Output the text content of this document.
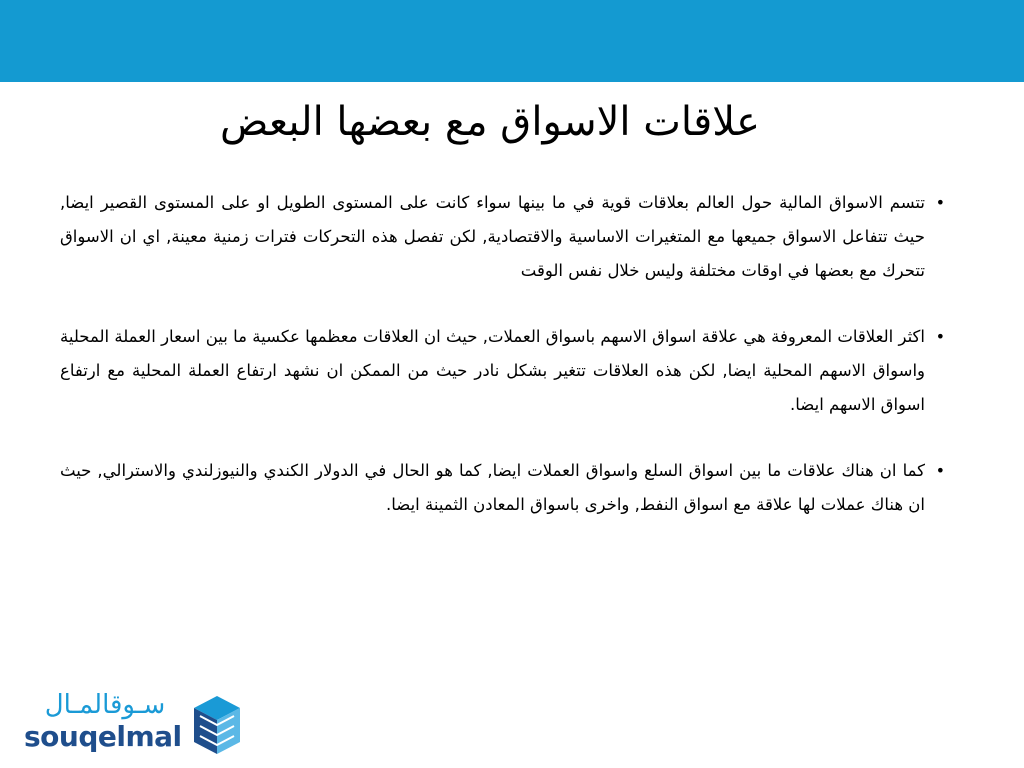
علاقات الاسواق مع بعضها البعض
•
تتسم الاسواق المالية حول العالم بعلاقات قوية في ما بينها سواء كانت على المستوى الطويل او على المستوى القصير ايضا, حيث تتفاعل الاسواق جميعها مع المتغيرات الاساسية والاقتصادية, لكن تفصل هذه التحركات فترات زمنية معينة, اي ان الاسواق تتحرك مع بعضها في اوقات مختلفة وليس خلال نفس الوقت
•
اكثر العلاقات المعروفة هي علاقة اسواق الاسهم باسواق العملات, حيث ان العلاقات معظمها عكسية ما بين اسعار العملة المحلية واسواق الاسهم المحلية ايضا, لكن هذه العلاقات تتغير بشكل نادر حيث من الممكن ان نشهد ارتفاع العملة المحلية مع ارتفاع اسواق الاسهم ايضا.
•
كما ان هناك علاقات ما بين اسواق السلع واسواق العملات ايضا, كما هو الحال في الدولار الكندي والنيوزلندي والاسترالي, حيث ان هناك عملات لها علاقة مع اسواق النفط, واخرى باسواق المعادن الثمينة ايضا.
سـوقالمـال
souqelmal
